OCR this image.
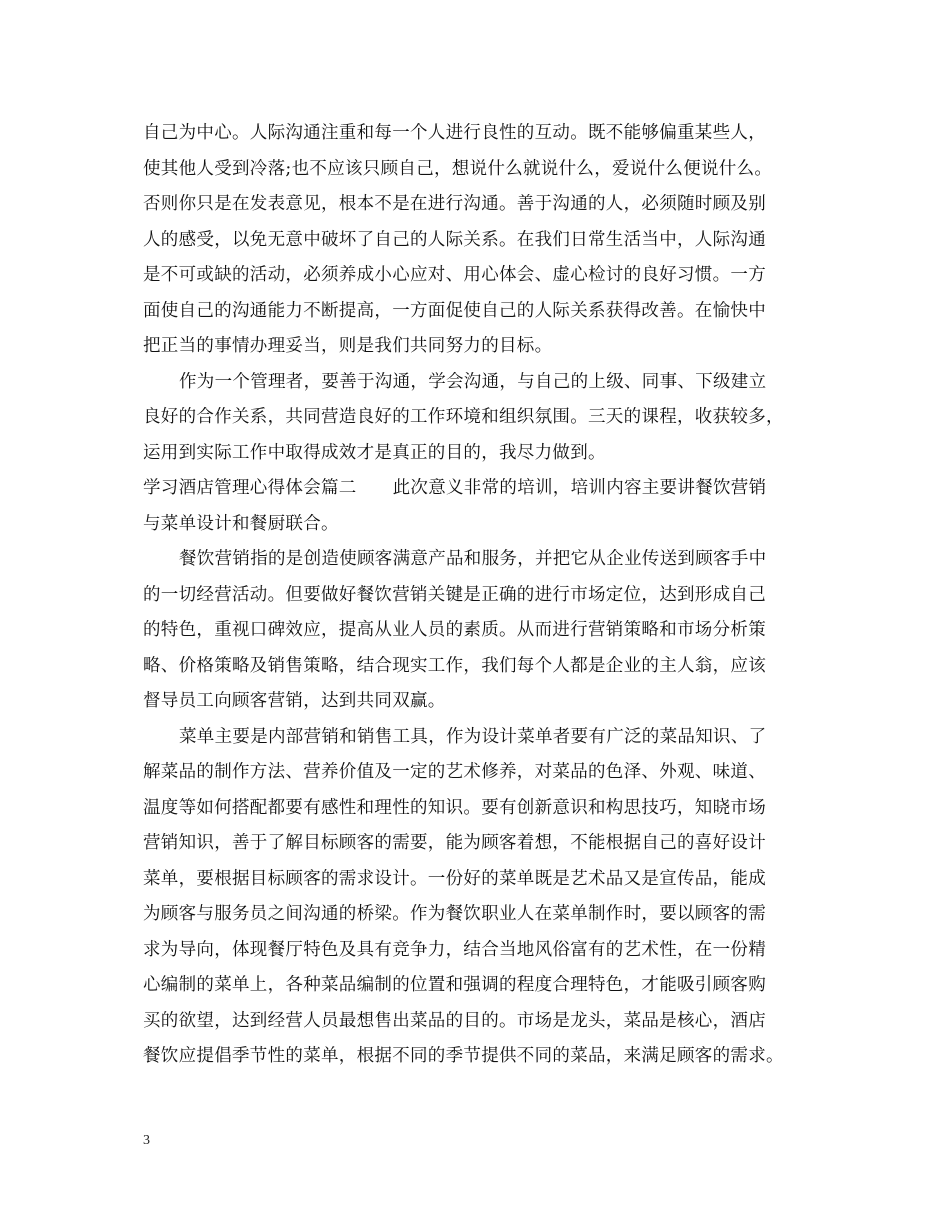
自己为中心。人际沟通注重和每一个人进行良性的互动。既不能够偏重某些人，
使其他人受到冷落;也不应该只顾自己，想说什么就说什么，爱说什么便说什么。
否则你只是在发表意见，根本不是在进行沟通。善于沟通的人，必须随时顾及别
人的感受，以免无意中破坏了自己的人际关系。在我们日常生活当中，人际沟通
是不可或缺的活动，必须养成小心应对、用心体会、虚心检讨的良好习惯。一方
面使自己的沟通能力不断提高，一方面促使自己的人际关系获得改善。在愉快中
把正当的事情办理妥当，则是我们共同努力的目标。
作为一个管理者，要善于沟通，学会沟通，与自己的上级、同事、下级建立
良好的合作关系，共同营造良好的工作环境和组织氛围。三天的课程，收获较多，
运用到实际工作中取得成效才是真正的目的，我尽力做到。
学习酒店管理心得体会篇二 此次意义非常的培训，培训内容主要讲餐饮营销
与菜单设计和餐厨联合。
餐饮营销指的是创造使顾客满意产品和服务，并把它从企业传送到顾客手中
的一切经营活动。但要做好餐饮营销关键是正确的进行市场定位，达到形成自己
的特色，重视口碑效应，提高从业人员的素质。从而进行营销策略和市场分析策
略、价格策略及销售策略，结合现实工作，我们每个人都是企业的主人翁，应该
督导员工向顾客营销，达到共同双赢。
菜单主要是内部营销和销售工具，作为设计菜单者要有广泛的菜品知识、了
解菜品的制作方法、营养价值及一定的艺术修养，对菜品的色泽、外观、味道、
温度等如何搭配都要有感性和理性的知识。要有创新意识和构思技巧，知晓市场
营销知识，善于了解目标顾客的需要，能为顾客着想，不能根据自己的喜好设计
菜单，要根据目标顾客的需求设计。一份好的菜单既是艺术品又是宣传品，能成
为顾客与服务员之间沟通的桥梁。作为餐饮职业人在菜单制作时，要以顾客的需
求为导向，体现餐厅特色及具有竞争力，结合当地风俗富有的艺术性，在一份精
心编制的菜单上，各种菜品编制的位置和强调的程度合理特色，才能吸引顾客购
买的欲望，达到经营人员最想售出菜品的目的。市场是龙头，菜品是核心，酒店
餐饮应提倡季节性的菜单，根据不同的季节提供不同的菜品，来满足顾客的需求。
3
